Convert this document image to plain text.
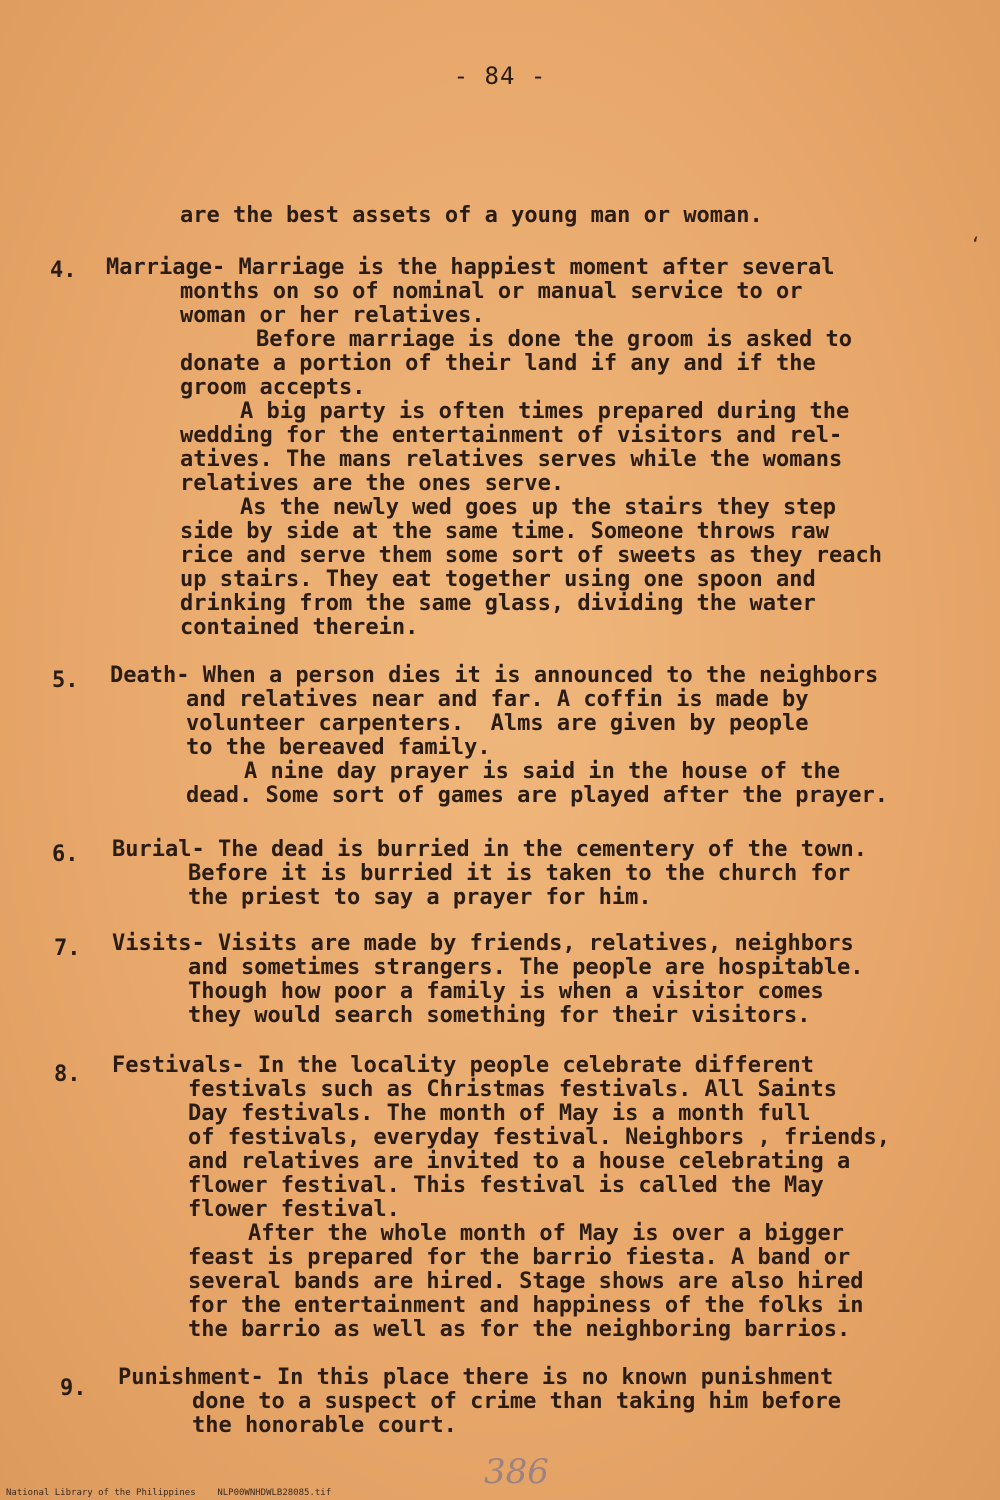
- 84 -
are the best assets of a young man or woman.
4. Marriage- Marriage is the happiest moment after several
months on so of nominal or manual service to or
woman or her relatives.
Before marriage is done the groom is asked to
donate a portion of their land if any and if the
groom accepts.
A big party is often times prepared during the
wedding for the entertainment of visitors and rel-
atives. The mans relatives serves while the womans
relatives are the ones serve.
As the newly wed goes up the stairs they step
side by side at the same time. Someone throws raw
rice and serve them some sort of sweets as they reach
up stairs. They eat together using one spoon and
drinking from the same glass, dividing the water
contained therein.
5. Death- When a person dies it is announced to the neighbors
and relatives near and far. A coffin is made by
volunteer carpenters.  Alms are given by people
to the bereaved family.
A nine day prayer is said in the house of the
dead. Some sort of games are played after the prayer.
6. Burial- The dead is burried in the cementery of the town.
Before it is burried it is taken to the church for
the priest to say a prayer for him.
7. Visits- Visits are made by friends, relatives, neighbors
and sometimes strangers. The people are hospitable.
Though how poor a family is when a visitor comes
they would search something for their visitors.
8. Festivals- In the locality people celebrate different
festivals such as Christmas festivals. All Saints
Day festivals. The month of May is a month full
of festivals, everyday festival. Neighbors , friends,
and relatives are invited to a house celebrating a
flower festival. This festival is called the May
flower festival.
After the whole month of May is over a bigger
feast is prepared for the barrio fiesta. A band or
several bands are hired. Stage shows are also hired
for the entertainment and happiness of the folks in
the barrio as well as for the neighboring barrios.
9. Punishment- In this place there is no known punishment
done to a suspect of crime than taking him before
the honorable court.
‘
386
National Library of the Philippines    NLP00WNHDWLB28085.tif
